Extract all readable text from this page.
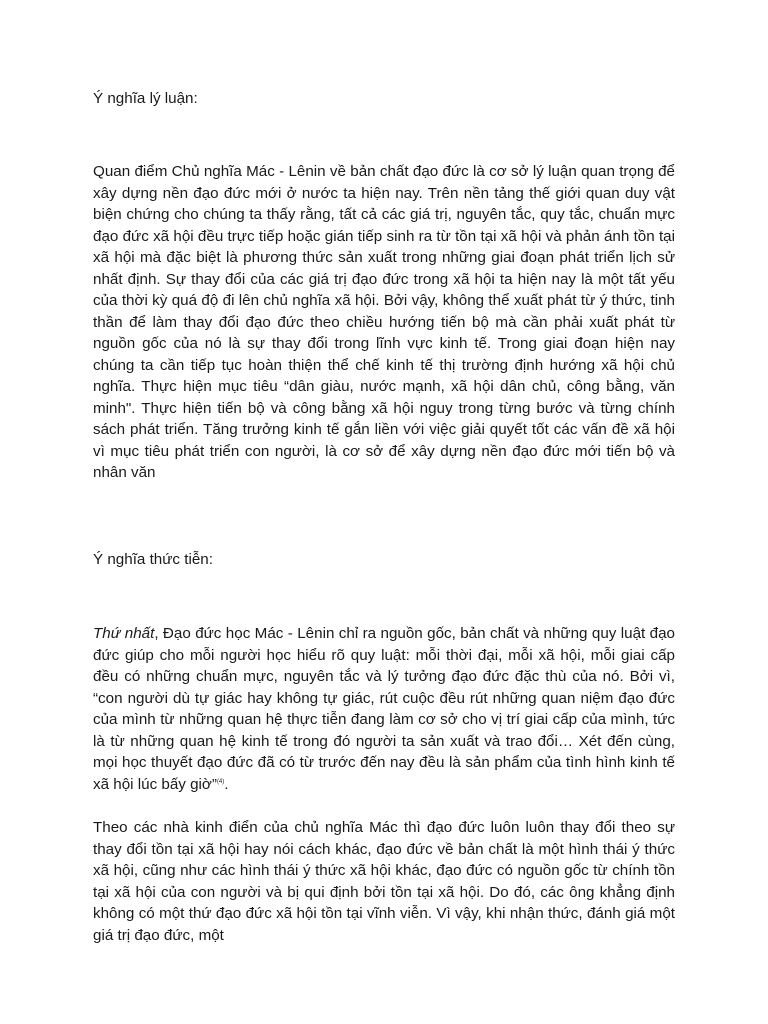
Ý nghĩa lý luận:

Quan điểm Chủ nghĩa Mác - Lênin về bản chất đạo đức là cơ sở lý luận quan trọng để xây dựng nền đạo đức mới ở nước ta hiện nay. Trên nền tảng thế giới quan duy vật biện chứng cho chúng ta thấy rằng, tất cả các giá trị, nguyên tắc, quy tắc, chuẩn mực đạo đức xã hội đều trực tiếp hoặc gián tiếp sinh ra từ tồn tại xã hội và phản ánh tồn tại xã hội mà đặc biệt là phương thức sản xuất trong những giai đoạn phát triển lịch sử nhất định. Sự thay đổi của các giá trị đạo đức trong xã hội ta hiện nay là một tất yếu của thời kỳ quá độ đi lên chủ nghĩa xã hội. Bởi vậy, không thể xuất phát từ ý thức, tinh thần để làm thay đổi đạo đức theo chiều hướng tiến bộ mà cần phải xuất phát từ nguồn gốc của nó là sự thay đổi trong lĩnh vực kinh tế. Trong giai đoạn hiện nay chúng ta cần tiếp tục hoàn thiện thể chế kinh tế thị trường định hướng xã hội chủ nghĩa. Thực hiện mục tiêu “dân giàu, nước mạnh, xã hội dân chủ, công bằng, văn minh". Thực hiện tiến bộ và công bằng xã hội nguy trong từng bước và từng chính sách phát triển. Tăng trưởng kinh tế gắn liền với việc giải quyết tốt các vấn đề xã hội vì mục tiêu phát triển con người, là cơ sở để xây dựng nền đạo đức mới tiến bộ và nhân văn

Ý nghĩa thức tiễn:

Thứ nhất, Đạo đức học Mác - Lênin chỉ ra nguồn gốc, bản chất và những quy luật đạo đức giúp cho mỗi người học hiểu rõ quy luật: mỗi thời đại, mỗi xã hội, mỗi giai cấp đều có những chuẩn mực, nguyên tắc và lý tưởng đạo đức đặc thù của nó. Bởi vì, “con người dù tự giác hay không tự giác, rút cuộc đều rút những quan niệm đạo đức của mình từ những quan hệ thực tiễn đang làm cơ sở cho vị trí giai cấp của mình, tức là từ những quan hệ kinh tế trong đó người ta sản xuất và trao đổi… Xét đến cùng, mọi học thuyết đạo đức đã có từ trước đến nay đều là sản phẩm của tình hình kinh tế xã hội lúc bấy giờ”$^{(4)}$.

Theo các nhà kinh điển của chủ nghĩa Mác thì đạo đức luôn luôn thay đổi theo sự thay đổi tồn tại xã hội hay nói cách khác, đạo đức về bản chất là một hình thái ý thức xã hội, cũng như các hình thái ý thức xã hội khác, đạo đức có nguồn gốc từ chính tồn tại xã hội của con người và bị qui định bởi tồn tại xã hội. Do đó, các ông khẳng định không có một thứ đạo đức xã hội tồn tại vĩnh viễn. Vì vậy, khi nhận thức, đánh giá một giá trị đạo đức, một
